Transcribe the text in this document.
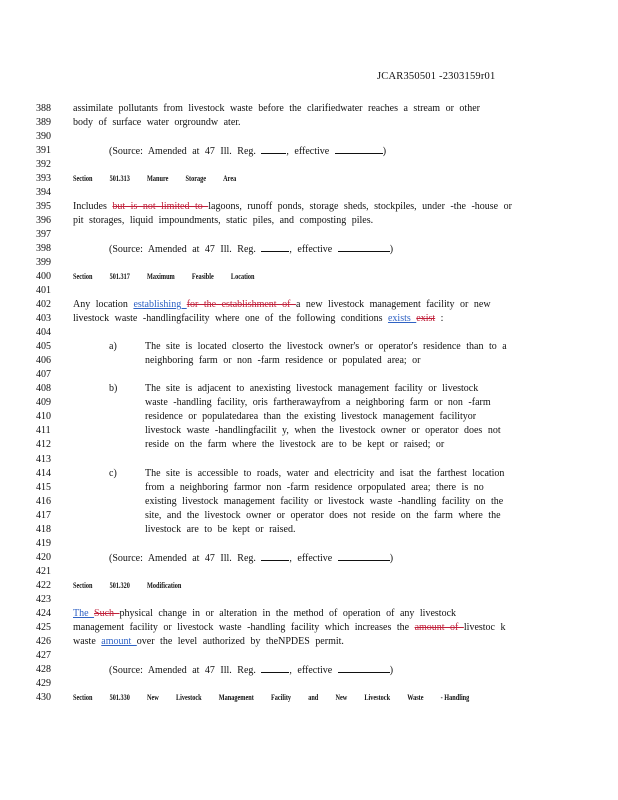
JCAR350501 -2303159r01
388	assimilate pollutants from livestock waste before the clarifiedwater reaches a stream or other
389	body of surface water orgroundw ater.
390
391	(Source: Amended at 47 Ill. Reg.	, effective	)
392
393	Section 501.313 Manure Storage Area
394
395	Includes but is not limited to lagoons, runoff ponds, storage sheds, stockpiles, under -the -house or
396	pit storages, liquid impoundments, static piles, and composting piles.
397
398	(Source: Amended at 47 Ill. Reg.	, effective	)
399
400	Section 501.317 Maximum Feasible Location
401
402	Any location establishing for the establishment of a new livestock management facility or new
403	livestock waste -handlingfacility where one of the following conditions exists exist :
404
405	a)	The site is located closerto the livestock owner's or operator's residence than to a
406	neighboring farm or non -farm residence or populated area; or
407
408	b)	The site is adjacent to anexisting livestock management facility or livestock
409	waste -handling facility, oris fartherawayfrom a neighboring farm or non -farm
410	residence or populatedarea than the existing livestock management facilityor
411	livestock waste -handlingfacilit y, when the livestock owner or operator does not
412	reside on the farm where the livestock are to be kept or raised; or
413
414	c)	The site is accessible to roads, water and electricity and isat the farthest location
415	from a neighboring farmor non -farm residence orpopulated area; there is no
416	existing livestock management facility or livestock waste -handling facility on the
417	site, and the livestock owner or operator does not reside on the farm where the
418	livestock are to be kept or raised.
419
420	(Source: Amended at 47 Ill. Reg.	, effective	)
421
422	Section 501.320 Modification
423
424	The Such physical change in or alteration in the method of operation of any livestock
425	management facility or livestock waste -handling facility which increases the amount of livestoc k
426	waste amount over the level authorized by theNPDES permit.
427
428	(Source: Amended at 47 Ill. Reg.	, effective	)
429
430	Section 501.330 New Livestock Management Facility and New Livestock Waste - Handling
